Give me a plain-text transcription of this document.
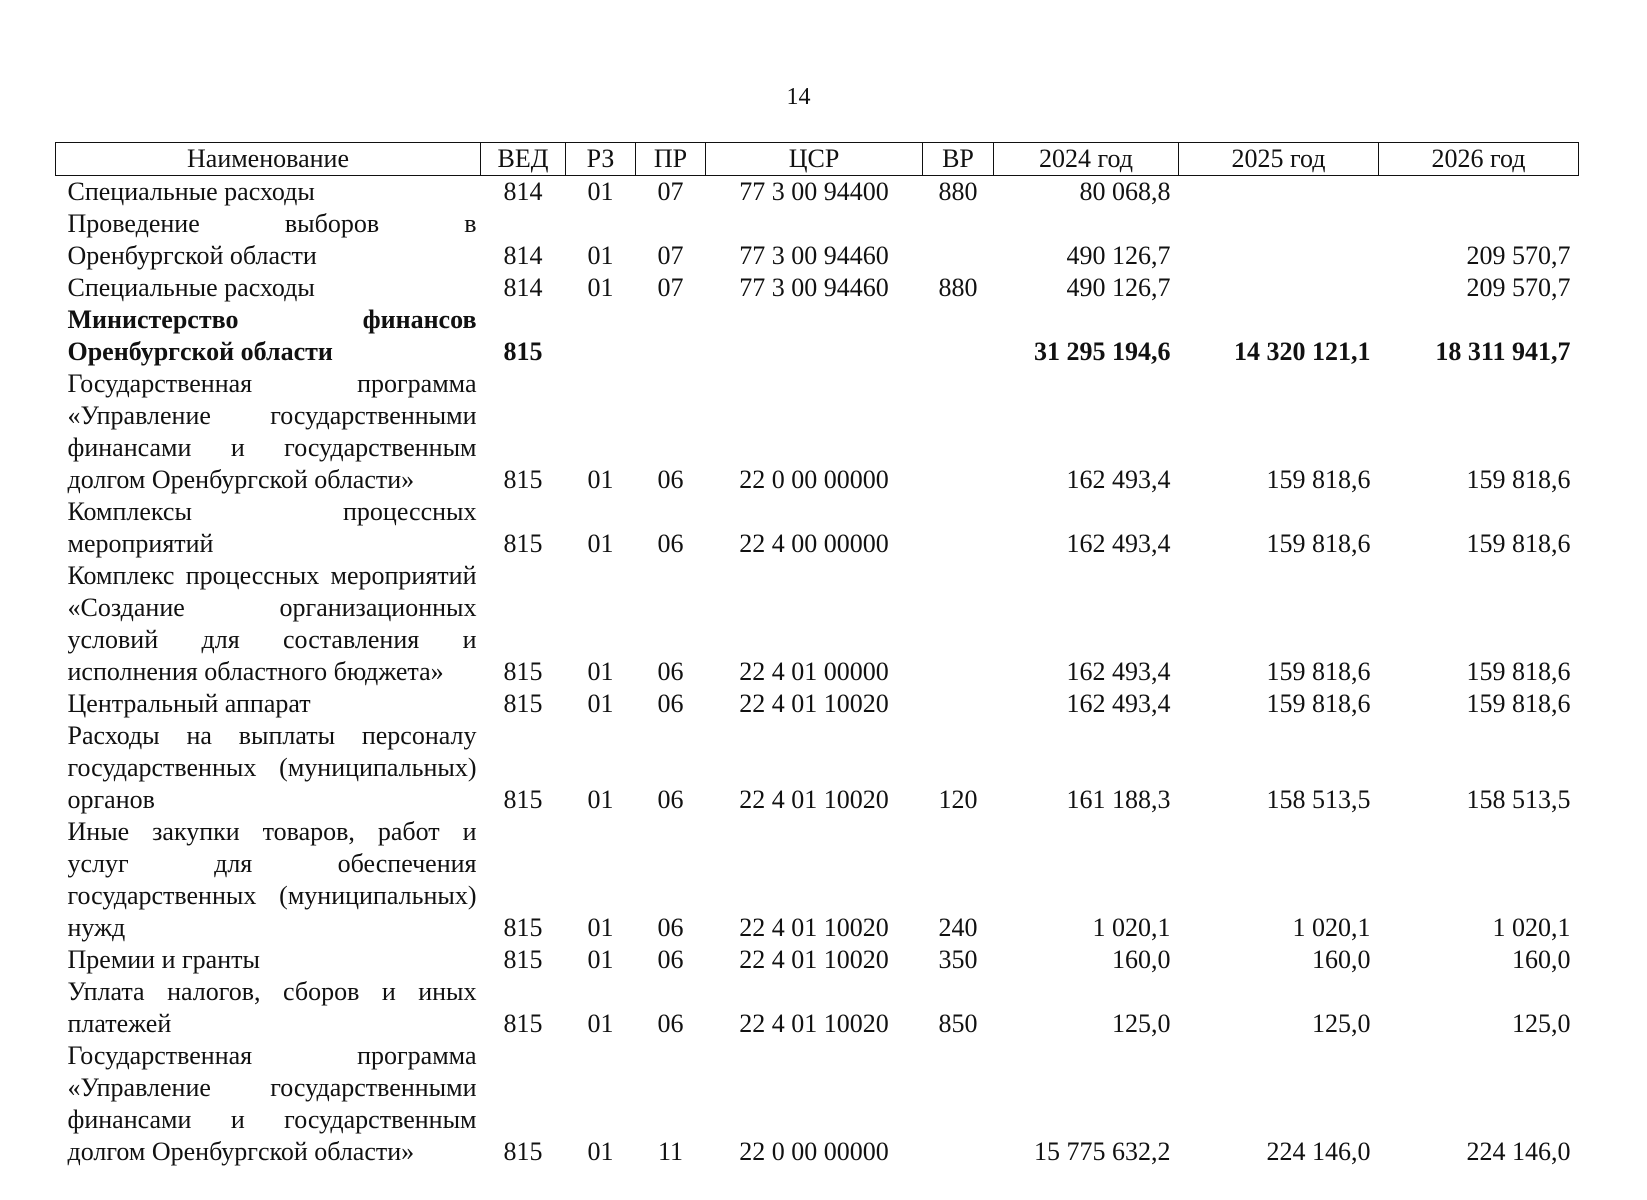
14
Наименование	ВЕД	РЗ	ПР	ЦСР	ВР	2024 год	2025 год	2026 год
Специальные расходы	814	01	07	77 3 00 94400	880	80 068,8		
Проведение выборов в Оренбургской области	814	01	07	77 3 00 94460		490 126,7		209 570,7
Специальные расходы	814	01	07	77 3 00 94460	880	490 126,7		209 570,7
Министерство финансов Оренбургской области	815					31 295 194,6	14 320 121,1	18 311 941,7
Государственная программа «Управление государственными финансами и государственным долгом Оренбургской области»	815	01	06	22 0 00 00000		162 493,4	159 818,6	159 818,6
Комплексы процессных мероприятий	815	01	06	22 4 00 00000		162 493,4	159 818,6	159 818,6
Комплекс процессных мероприятий «Создание организационных условий для составления и исполнения областного бюджета»	815	01	06	22 4 01 00000		162 493,4	159 818,6	159 818,6
Центральный аппарат	815	01	06	22 4 01 10020		162 493,4	159 818,6	159 818,6
Расходы на выплаты персоналу государственных (муниципальных) органов	815	01	06	22 4 01 10020	120	161 188,3	158 513,5	158 513,5
Иные закупки товаров, работ и услуг для обеспечения государственных (муниципальных) нужд	815	01	06	22 4 01 10020	240	1 020,1	1 020,1	1 020,1
Премии и гранты	815	01	06	22 4 01 10020	350	160,0	160,0	160,0
Уплата налогов, сборов и иных платежей	815	01	06	22 4 01 10020	850	125,0	125,0	125,0
Государственная программа «Управление государственными финансами и государственным долгом Оренбургской области»	815	01	11	22 0 00 00000		15 775 632,2	224 146,0	224 146,0
